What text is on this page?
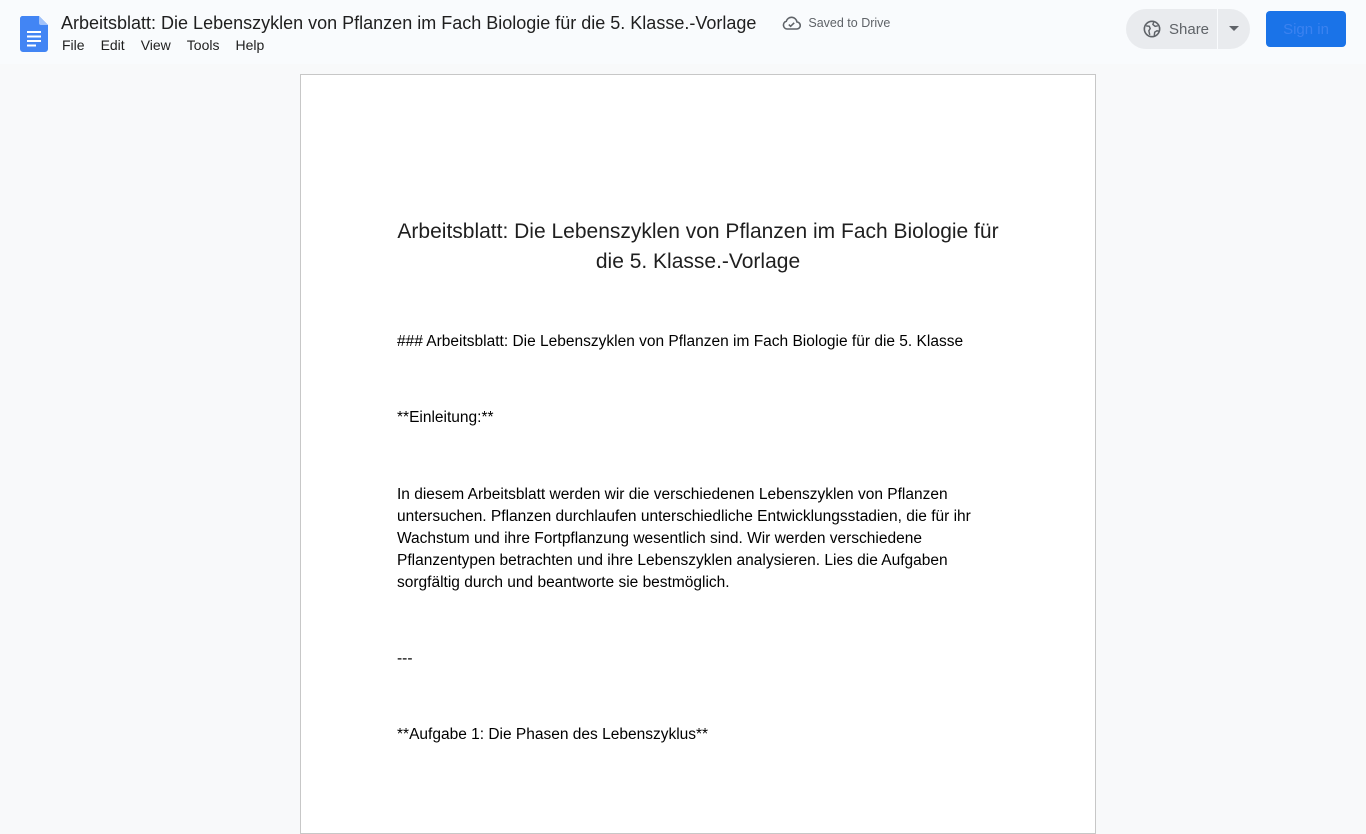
Arbeitsblatt: Die Lebenszyklen von Pflanzen im Fach Biologie für die 5. Klasse.-Vorlage	Saved to Drive
File	Edit	View	Tools	Help
Share	Sign in
Arbeitsblatt: Die Lebenszyklen von Pflanzen im Fach Biologie für die 5. Klasse.-Vorlage
### Arbeitsblatt: Die Lebenszyklen von Pflanzen im Fach Biologie für die 5. Klasse
**Einleitung:**
In diesem Arbeitsblatt werden wir die verschiedenen Lebenszyklen von Pflanzen untersuchen. Pflanzen durchlaufen unterschiedliche Entwicklungsstadien, die für ihr Wachstum und ihre Fortpflanzung wesentlich sind. Wir werden verschiedene Pflanzentypen betrachten und ihre Lebenszyklen analysieren. Lies die Aufgaben sorgfältig durch und beantworte sie bestmöglich.
---
**Aufgabe 1: Die Phasen des Lebenszyklus**
